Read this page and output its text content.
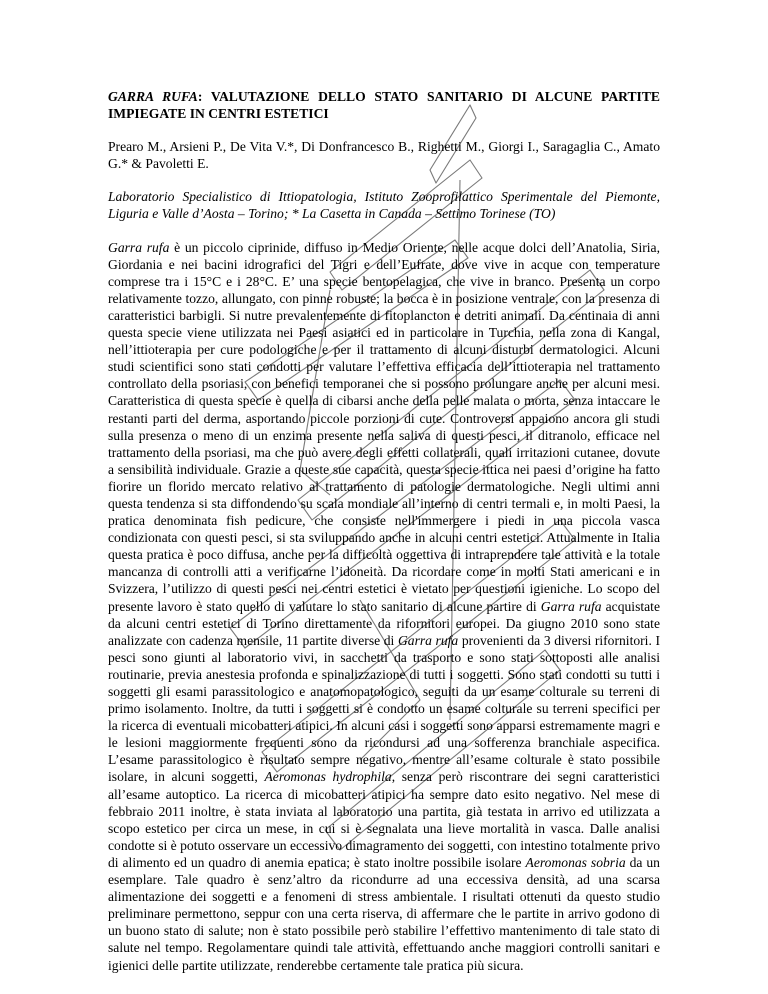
GARRA RUFA: VALUTAZIONE DELLO STATO SANITARIO DI ALCUNE PARTITE IMPIEGATE IN CENTRI ESTETICI

Prearo M., Arsieni P., De Vita V.*, Di Donfrancesco B., Righetti M., Giorgi I., Saragaglia C., Amato G.* & Pavoletti E.

Laboratorio Specialistico di Ittiopatologia, Istituto Zooprofilattico Sperimentale del Piemonte, Liguria e Valle d’Aosta – Torino; * La Casetta in Canada – Settimo Torinese (TO)

Garra rufa è un piccolo ciprinide, diffuso in Medio Oriente, nelle acque dolci dell’Anatolia, Siria, Giordania e nei bacini idrografici del Tigri e dell’Eufrate, dove vive in acque con temperature comprese tra i 15°C e i 28°C. E’ una specie bentopelagica, che vive in branco. Presenta un corpo relativamente tozzo, allungato, con pinne robuste; la bocca è in posizione ventrale, con la presenza di caratteristici barbigli. Si nutre prevalentemente di fitoplancton e detriti animali. Da centinaia di anni questa specie viene utilizzata nei Paesi asiatici ed in particolare in Turchia, nella zona di Kangal, nell’ittioterapia per cure podologiche e per il trattamento di alcuni disturbi dermatologici. Alcuni studi scientifici sono stati condotti per valutare l’effettiva efficacia dell’ittioterapia nel trattamento controllato della psoriasi, con benefici temporanei che si possono prolungare anche per alcuni mesi. Caratteristica di questa specie è quella di cibarsi anche della pelle malata o morta, senza intaccare le restanti parti del derma, asportando piccole porzioni di cute. Controversi appaiono ancora gli studi sulla presenza o meno di un enzima presente nella saliva di questi pesci, il ditranolo, efficace nel trattamento della psoriasi, ma che può avere degli effetti collaterali, quali irritazioni cutanee, dovute a sensibilità individuale. Grazie a queste sue capacità, questa specie ittica nei paesi d’origine ha fatto fiorire un florido mercato relativo al trattamento di patologie dermatologiche. Negli ultimi anni questa tendenza si sta diffondendo su scala mondiale all’interno di centri termali e, in molti Paesi, la pratica denominata fish pedicure, che consiste nell'immergere i piedi in una piccola vasca condizionata con questi pesci, si sta sviluppando anche in alcuni centri estetici. Attualmente in Italia questa pratica è poco diffusa, anche per la difficoltà oggettiva di intraprendere tale attività e la totale mancanza di controlli atti a verificarne l’idoneità. Da ricordare come in molti Stati americani e in Svizzera, l’utilizzo di questi pesci nei centri estetici è vietato per questioni igieniche. Lo scopo del presente lavoro è stato quello di valutare lo stato sanitario di alcune partire di Garra rufa acquistate da alcuni centri estetici di Torino direttamente da rifornitori europei. Da giugno 2010 sono state analizzate con cadenza mensile, 11 partite diverse di Garra rufa provenienti da 3 diversi rifornitori. I pesci sono giunti al laboratorio vivi, in sacchetti da trasporto e sono stati sottoposti alle analisi routinarie, previa anestesia profonda e spinalizzazione di tutti i soggetti. Sono stati condotti su tutti i soggetti gli esami parassitologico e anatomopatologico, seguiti da un esame colturale su terreni di primo isolamento. Inoltre, da tutti i soggetti si è condotto un esame colturale su terreni specifici per la ricerca di eventuali micobatteri atipici. In alcuni casi i soggetti sono apparsi estremamente magri e le lesioni maggiormente frequenti sono da ricondursi ad una sofferenza branchiale aspecifica. L’esame parassitologico è risultato sempre negativo, mentre all’esame colturale è stato possibile isolare, in alcuni soggetti, Aeromonas hydrophila, senza però riscontrare dei segni caratteristici all’esame autoptico. La ricerca di micobatteri atipici ha sempre dato esito negativo. Nel mese di febbraio 2011 inoltre, è stata inviata al laboratorio una partita, già testata in arrivo ed utilizzata a scopo estetico per circa un mese, in cui si è segnalata una lieve mortalità in vasca. Dalle analisi condotte si è potuto osservare un eccessivo dimagramento dei soggetti, con intestino totalmente privo di alimento ed un quadro di anemia epatica; è stato inoltre possibile isolare Aeromonas sobria da un esemplare. Tale quadro è senz’altro da ricondurre ad una eccessiva densità, ad una scarsa alimentazione dei soggetti e a fenomeni di stress ambientale. I risultati ottenuti da questo studio preliminare permettono, seppur con una certa riserva, di affermare che le partite in arrivo godono di un buono stato di salute; non è stato possibile però stabilire l’effettivo mantenimento di tale stato di salute nel tempo. Regolamentare quindi tale attività, effettuando anche maggiori controlli sanitari e igienici delle partite utilizzate, renderebbe certamente tale pratica più sicura.
